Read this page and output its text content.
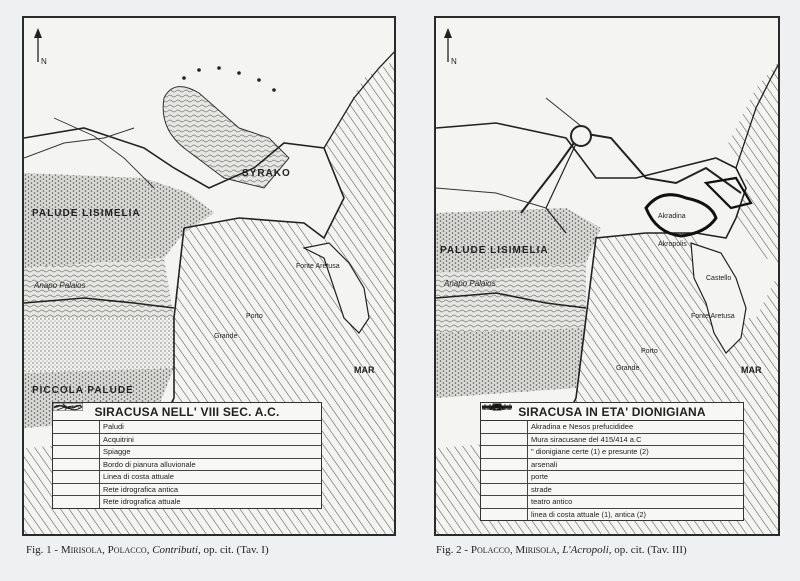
N
PALUDE LISIMELIA
Anapo Palaios
PICCOLA PALUDE
SYRAKO
Fonte Aretusa
Porto
Grande
MAR
SIRACUSA NELL' VIII SEC. A.C.
Paludi
Acquitrini
Spiagge
Bordo di pianura alluvionale
Linea di costa attuale
Rete idrografica antica
Rete idrografica attuale
Fig. 1 - Mirisola, Polacco, Contributi, op. cit. (Tav. I)
N
PALUDE LISIMELIA
Anapo Palaios
Akradina
Akropolis
Castello
Fonte Aretusa
Porto
Grande	MAR
SIRACUSA IN ETA' DIONIGIANA
Akradina e Nesos prefucididee
Mura siracusane del 415/414 a.C
" dionigiane certe (1) e presunte (2)
arsenali
porte
strade
teatro antico
linea di costa attuale (1), antica (2)
Fig. 2 - Polacco, Mirisola, L'Acropoli, op. cit. (Tav. III)
